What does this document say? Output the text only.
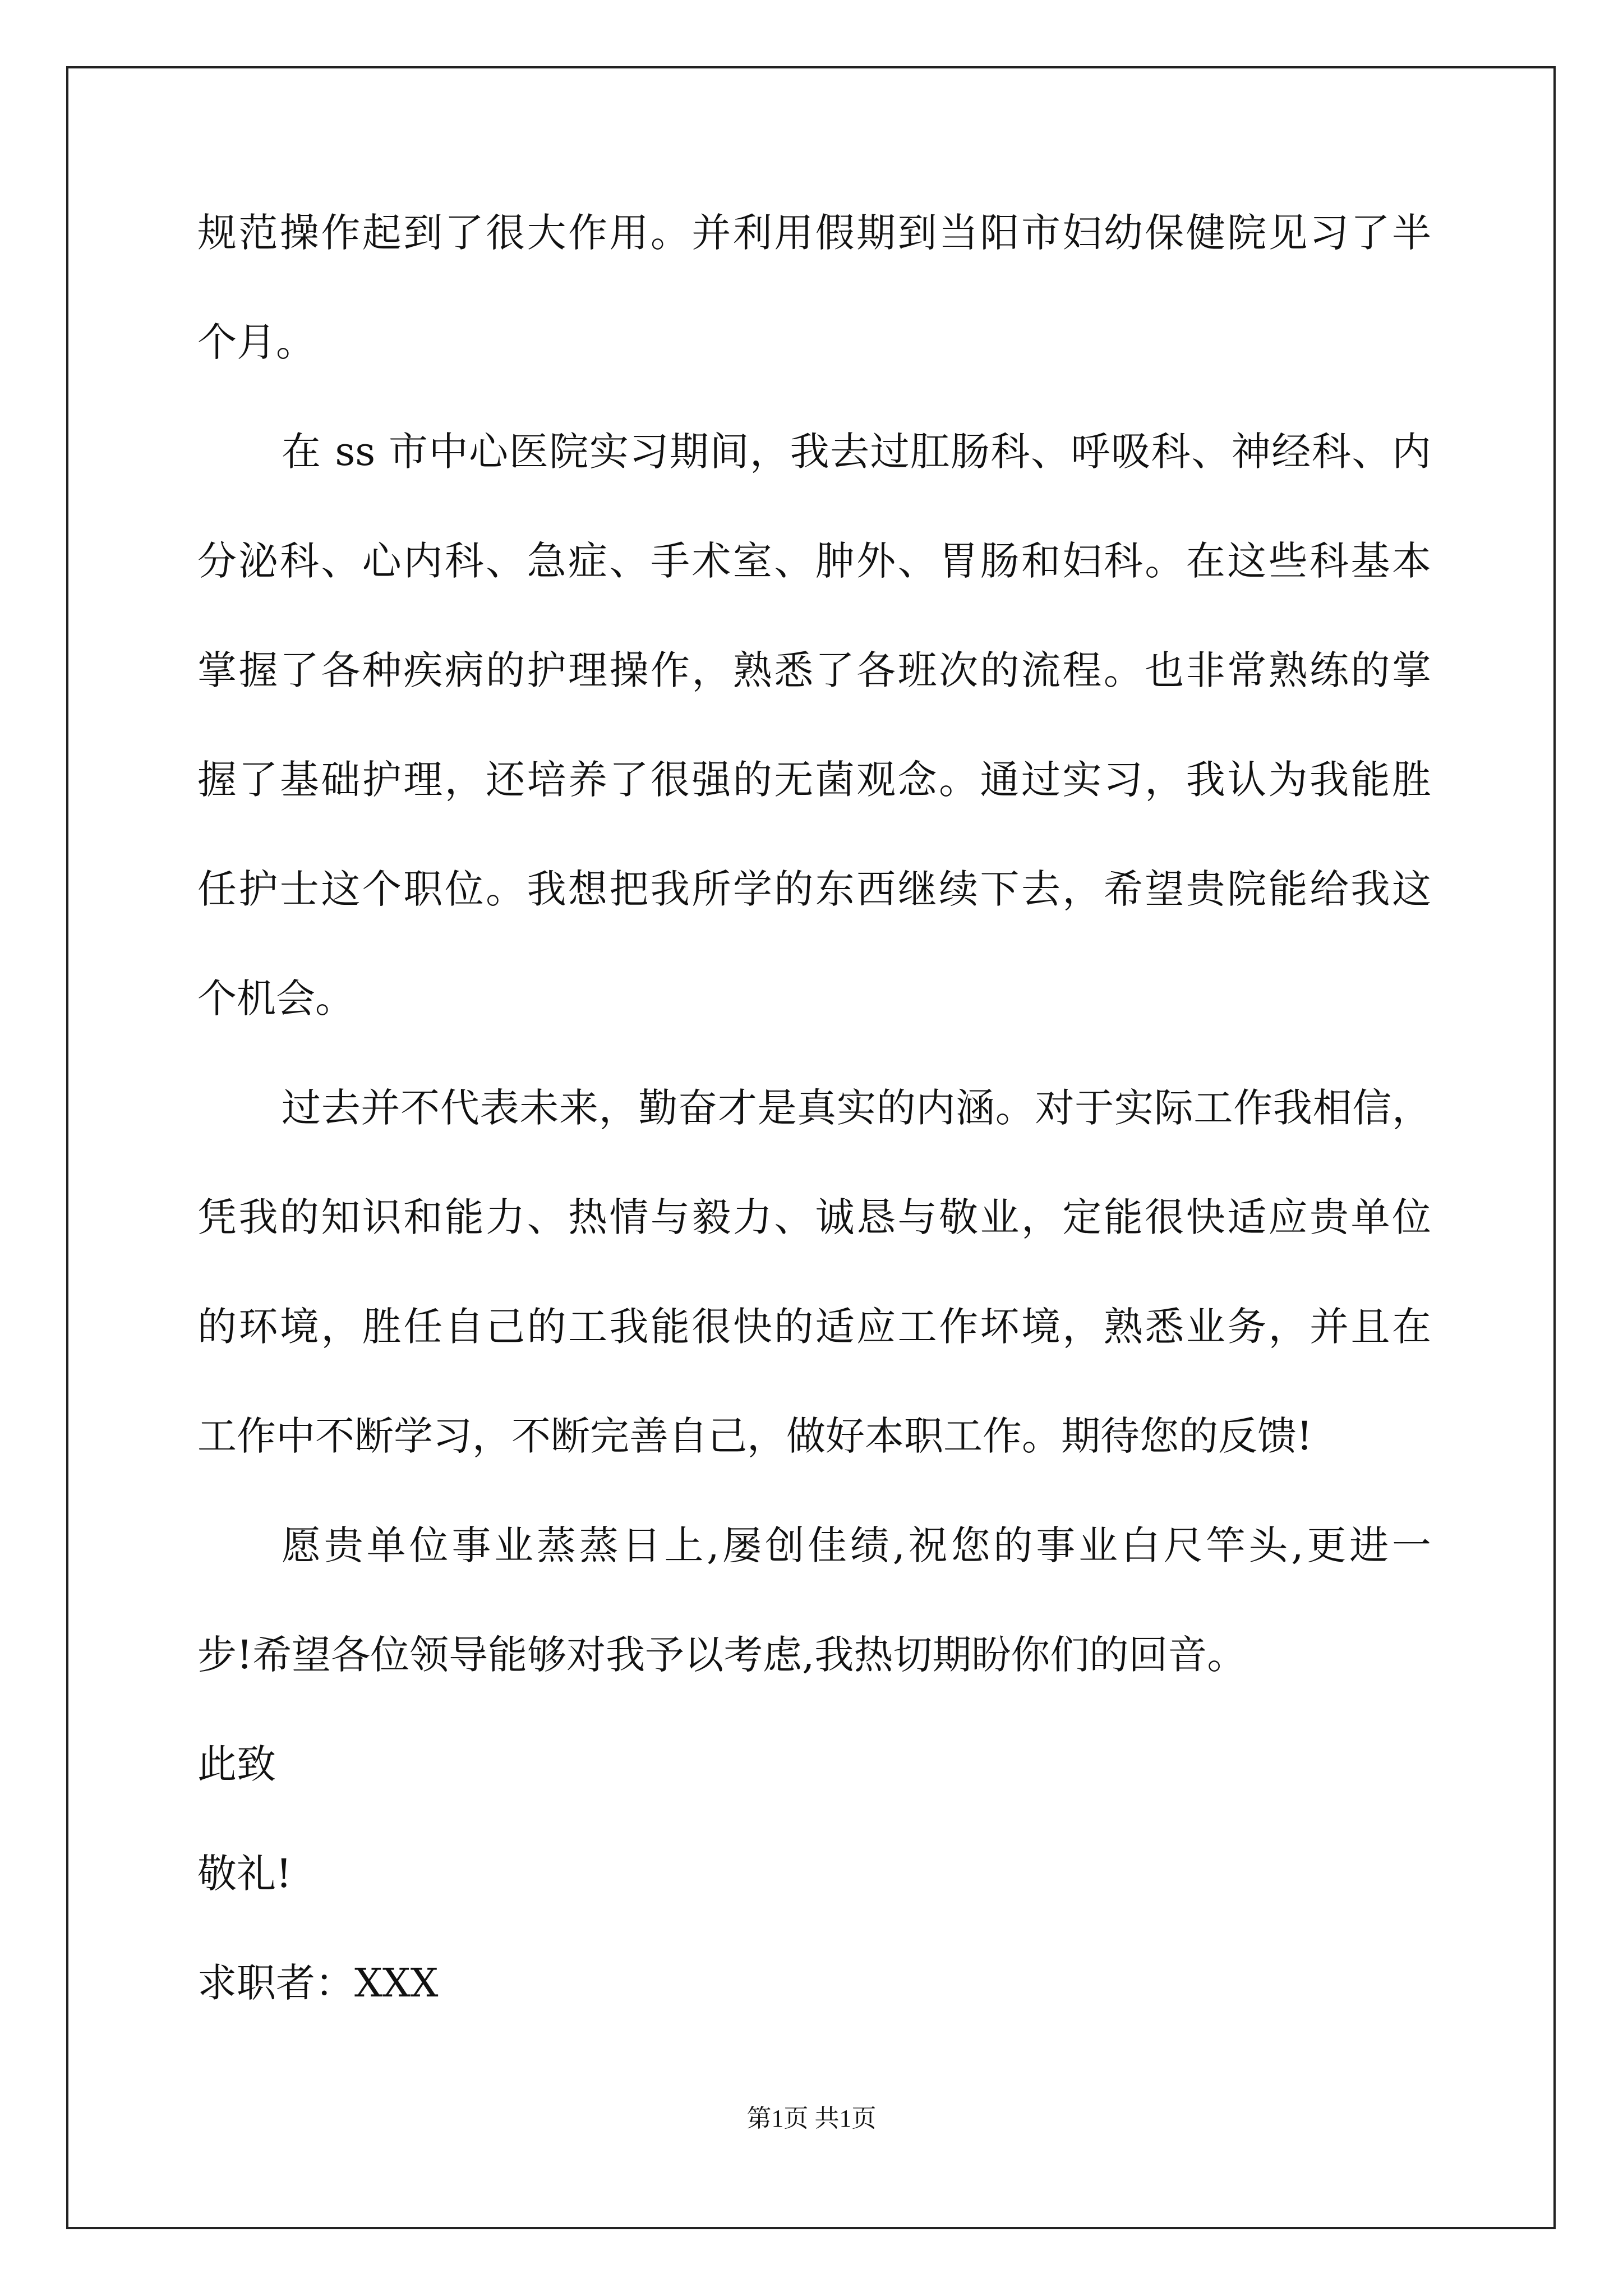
规范操作起到了很大作用。并利用假期到当阳市妇幼保健院见习了半
个月。
在 ss 市中心医院实习期间，我去过肛肠科、呼吸科、神经科、内
分泌科、心内科、急症、手术室、肿外、胃肠和妇科。在这些科基本
掌握了各种疾病的护理操作，熟悉了各班次的流程。也非常熟练的掌
握了基础护理，还培养了很强的无菌观念。通过实习，我认为我能胜
任护士这个职位。我想把我所学的东西继续下去，希望贵院能给我这
个机会。
过去并不代表未来，勤奋才是真实的内涵。对于实际工作我相信，
凭我的知识和能力、热情与毅力、诚恳与敬业，定能很快适应贵单位
的环境，胜任自己的工我能很快的适应工作坏境，熟悉业务，并且在
工作中不断学习，不断完善自己，做好本职工作。期待您的反馈!
愿贵单位事业蒸蒸日上,屡创佳绩,祝您的事业白尺竿头,更进一
步!希望各位领导能够对我予以考虑,我热切期盼你们的回音。
此致
敬礼!
求职者：XXX
第1页 共1页
